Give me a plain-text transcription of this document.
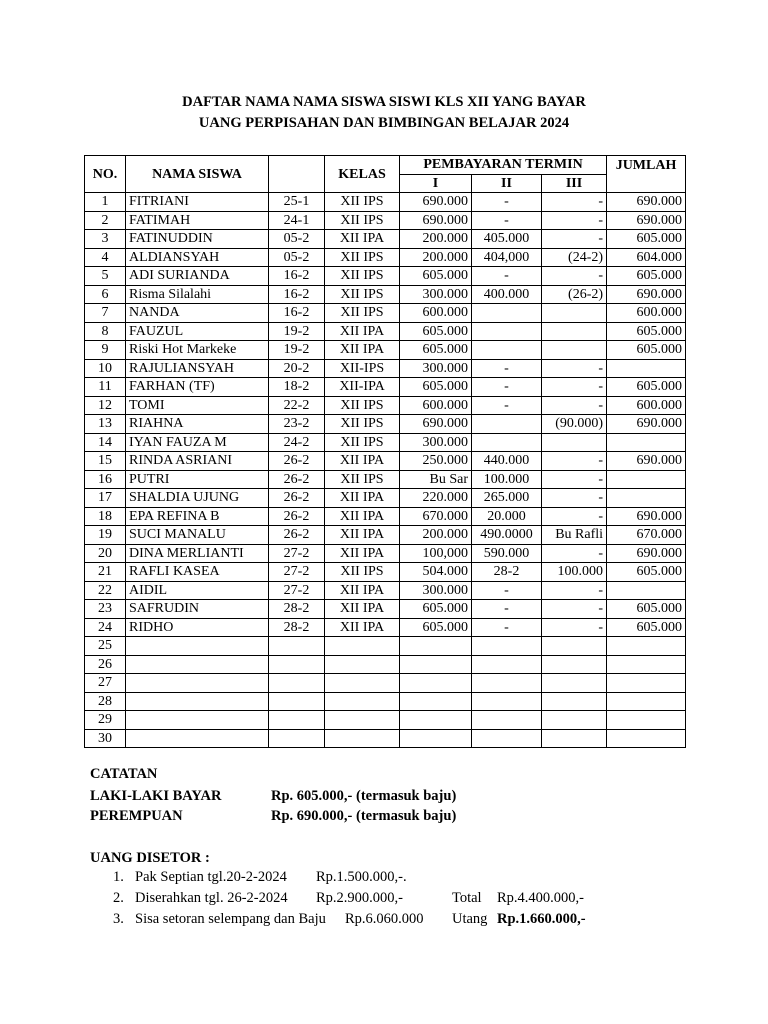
DAFTAR NAMA NAMA SISWA SISWI KLS XII YANG BAYAR
UANG PERPISAHAN DAN BIMBINGAN BELAJAR 2024
NO.	NAMA SISWA		KELAS	PEMBAYARAN TERMIN			JUMLAH
				I	II	III	
1	FITRIANI	25-1	XII IPS	690.000	-	-	690.000
2	FATIMAH	24-1	XII IPS	690.000	-	-	690.000
3	FATINUDDIN	05-2	XII IPA	200.000	405.000	-	605.000
4	ALDIANSYAH	05-2	XII IPS	200.000	404,000	(24-2)	604.000
5	ADI SURIANDA	16-2	XII IPS	605.000	-	-	605.000
6	Risma Silalahi	16-2	XII IPS	300.000	400.000	(26-2)	690.000
7	NANDA	16-2	XII IPS	600.000			600.000
8	FAUZUL	19-2	XII IPA	605.000			605.000
9	Riski Hot Markeke	19-2	XII IPA	605.000			605.000
10	RAJULIANSYAH	20-2	XII-IPS	300.000	-	-	
11	FARHAN (TF)	18-2	XII-IPA	605.000	-	-	605.000
12	TOMI	22-2	XII IPS	600.000	-	-	600.000
13	RIAHNA	23-2	XII IPS	690.000		(90.000)	690.000
14	IYAN FAUZA M	24-2	XII IPS	300.000			
15	RINDA ASRIANI	26-2	XII IPA	250.000	440.000	-	690.000
16	PUTRI	26-2	XII IPS	Bu Sar	100.000	-	
17	SHALDIA UJUNG	26-2	XII IPA	220.000	265.000	-	
18	EPA REFINA B	26-2	XII IPA	670.000	20.000	-	690.000
19	SUCI MANALU	26-2	XII IPA	200.000	490.0000	Bu Rafli	670.000
20	DINA MERLIANTI	27-2	XII IPA	100,000	590.000	-	690.000
21	RAFLI KASEA	27-2	XII IPS	504.000	28-2	100.000	605.000
22	AIDIL	27-2	XII IPA	300.000	-	-	
23	SAFRUDIN	28-2	XII IPA	605.000	-	-	605.000
24	RIDHO	28-2	XII IPA	605.000	-	-	605.000
25							
26							
27							
28							
29							
30							
CATATAN
LAKI-LAKI BAYAR	Rp. 605.000,- (termasuk baju)
PEREMPUAN	Rp. 690.000,- (termasuk baju)
UANG DISETOR :
1. Pak Septian tgl.20-2-2024 Rp.1.500.000,-.
2. Diserahkan tgl. 26-2-2024 Rp.2.900.000,-	Total Rp.4.400.000,-
3. Sisa setoran selempang dan Baju Rp.6.060.000 Utang Rp.1.660.000,-
